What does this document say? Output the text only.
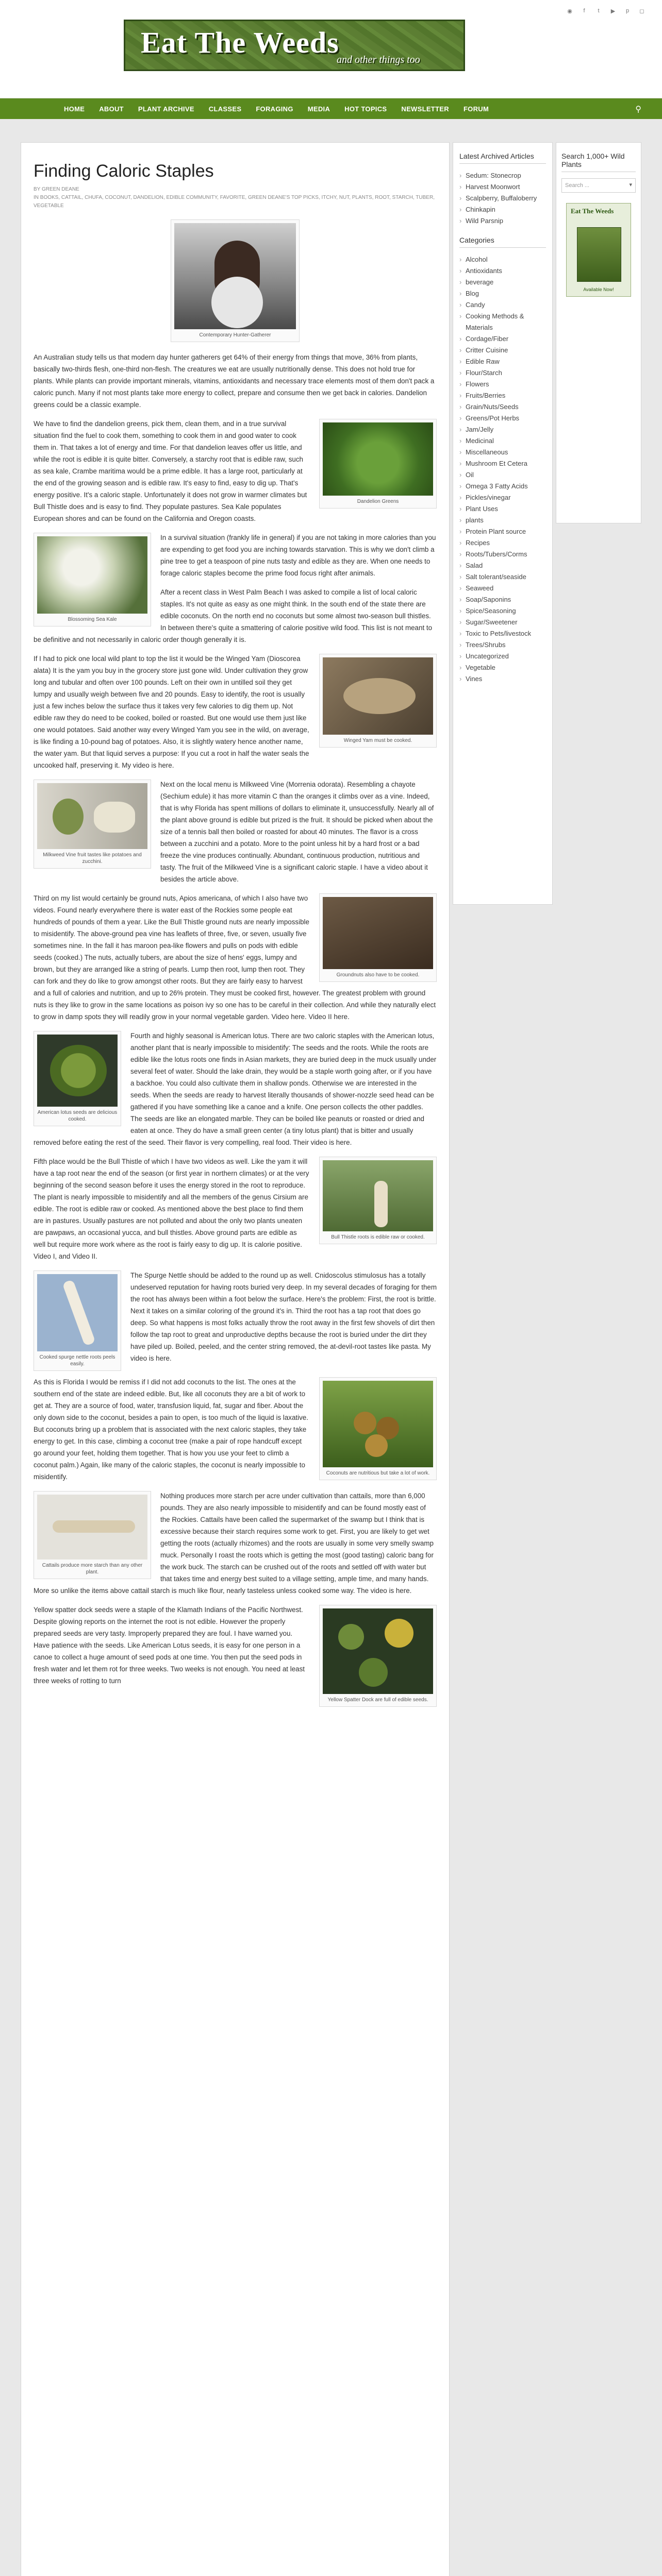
◉	f	t	▶	p	◻
Eat The Weeds
and other things too
HOME	ABOUT	PLANT ARCHIVE	CLASSES	FORAGING	MEDIA	HOT TOPICS	NEWSLETTER	FORUM	⚲
Finding Caloric Staples
BY GREEN DEANE
IN BOOKS, CATTAIL, CHUFA, COCONUT, DANDELION, EDIBLE COMMUNITY, FAVORITE, GREEN DEANE'S TOP PICKS, ITCHY, NUT, PLANTS, ROOT, STARCH, TUBER, VEGETABLE
Contemporary Hunter-Gatherer

An Australian study tells us that modern day hunter gatherers get 64% of their energy from things that move, 36% from plants, basically two-thirds flesh, one-third non-flesh. The creatures we eat are usually nutritionally dense. This does not hold true for plants. While plants can provide important minerals, vitamins, antioxidants and necessary trace elements most of them don't pack a caloric punch. Many if not most plants take more energy to collect, prepare and consume then we get back in calories. Dandelion greens could be a classic example.

Dandelion Greens

We have to find the dandelion greens, pick them, clean them, and in a true survival situation find the fuel to cook them, something to cook them in and good water to cook them in. That takes a lot of energy and time. For that dandelion leaves offer us little, and while the root is edible it is quite bitter. Conversely, a starchy root that is edible raw, such as sea kale, Crambe maritima would be a prime edible. It has a large root, particularly at the end of the growing season and is edible raw. It's easy to find, easy to dig up. That's energy positive. It's a caloric staple. Unfortunately it does not grow in warmer climates but Bull Thistle does and is easy to find. They populate pastures. Sea Kale populates European shores and can be found on the California and Oregon coasts.

Blossoming Sea Kale

In a survival situation (frankly life in general) if you are not taking in more calories than you are expending to get food you are inching towards starvation. This is why we don't climb a pine tree to get a teaspoon of pine nuts tasty and edible as they are. When one needs to forage caloric staples become the prime food focus right after animals.

After a recent class in West Palm Beach I was asked to compile a list of local caloric staples. It's not quite as easy as one might think. In the south end of the state there are edible coconuts. On the north end no coconuts but some almost two-season bull thistles. In between there's quite a smattering of calorie positive wild food. This list is not meant to be definitive and not necessarily in caloric order though generally it is.

Winged Yam must be cooked.

If I had to pick one local wild plant to top the list it would be the Winged Yam (Dioscorea alata) It is the yam you buy in the grocery store just gone wild. Under cultivation they grow long and tubular and often over 100 pounds. Left on their own in untilled soil they get lumpy and usually weigh between five and 20 pounds. Easy to identify, the root is usually just a few inches below the surface thus it takes very few calories to dig them up. Not edible raw they do need to be cooked, boiled or roasted. But one would use them just like one would potatoes. Said another way every Winged Yam you see in the wild, on average, is like finding a 10-pound bag of potatoes. Also, it is slightly watery hence another name, the water yam. But that liquid serves a purpose: If you cut a root in half the water seals the uncooked half, preserving it. My video is here.

Milkweed Vine fruit tastes like potatoes and zucchini.

Next on the local menu is Milkweed Vine (Morrenia odorata). Resembling a chayote (Sechium edule) it has more vitamin C than the oranges it climbs over as a vine. Indeed, that is why Florida has spent millions of dollars to eliminate it, unsuccessfully. Nearly all of the plant above ground is edible but prized is the fruit. It should be picked when about the size of a tennis ball then boiled or roasted for about 40 minutes. The flavor is a cross between a zucchini and a potato. More to the point unless hit by a hard frost or a bad freeze the vine produces continually. Abundant, continuous production, nutritious and tasty. The fruit of the Milkweed Vine is a significant caloric staple. I have a video about it besides the article above.

Groundnuts also have to be cooked.

Third on my list would certainly be ground nuts, Apios americana, of which I also have two videos. Found nearly everywhere there is water east of the Rockies some people eat hundreds of pounds of them a year. Like the Bull Thistle ground nuts are nearly impossible to misidentify. The above-ground pea vine has leaflets of three, five, or seven, usually five sometimes nine. In the fall it has maroon pea-like flowers and pulls on pods with edible seeds (cooked.) The nuts, actually tubers, are about the size of hens' eggs, lumpy and brown, but they are arranged like a string of pearls. Lump then root, lump then root. They can fork and they do like to grow amongst other roots. But they are fairly easy to harvest and a full of calories and nutrition, and up to 26% protein. They must be cooked first, however. The greatest problem with ground nuts is they like to grow in the same locations as poison ivy so one has to be careful in their collection. And while they naturally elect to grow in damp spots they will readily grow in your normal vegetable garden. Video here. Video II here.

American lotus seeds are delicious cooked.

Fourth and highly seasonal is American lotus. There are two caloric staples with the American lotus, another plant that is nearly impossible to misidentify: The seeds and the roots. While the roots are edible like the lotus roots one finds in Asian markets, they are buried deep in the muck usually under several feet of water. Should the lake drain, they would be a staple worth going after, or if you have a backhoe. You could also cultivate them in shallow ponds. Otherwise we are interested in the seeds. When the seeds are ready to harvest literally thousands of shower-nozzle seed head can be gathered if you have something like a canoe and a knife. One person collects the other paddles. The seeds are like an elongated marble. They can be boiled like peanuts or roasted or dried and eaten at once. They do have a small green center (a tiny lotus plant) that is bitter and usually removed before eating the rest of the seed. Their flavor is very compelling, real food. Their video is here.

Bull Thistle roots is edible raw or cooked.

Fifth place would be the Bull Thistle of which I have two videos as well. Like the yam it will have a tap root near the end of the season (or first year in northern climates) or at the very beginning of the second season before it uses the energy stored in the root to reproduce. The plant is nearly impossible to misidentify and all the members of the genus Cirsium are edible. The root is edible raw or cooked. As mentioned above the best place to find them are in pastures. Usually pastures are not polluted and about the only two plants uneaten are pawpaws, an occasional yucca, and bull thistles. Above ground parts are edible as well but require more work where as the root is fairly easy to dig up. It is calorie positive. Video I, and Video II.

Cooked spurge nettle roots peels easily.

The Spurge Nettle should be added to the round up as well. Cnidoscolus stimulosus has a totally undeserved reputation for having roots buried very deep. In my several decades of foraging for them the root has always been within a foot below the surface. Here's the problem: First, the root is brittle. Next it takes on a similar coloring of the ground it's in. Third the root has a tap root that does go deep. So what happens is most folks actually throw the root away in the first few shovels of dirt then follow the tap root to great and unproductive depths because the root is buried under the dirt they have piled up. Boiled, peeled, and the center string removed, the at-devil-root tastes like pasta. My video is here.

Coconuts are nutritious but take a lot of work.

As this is Florida I would be remiss if I did not add coconuts to the list. The ones at the southern end of the state are indeed edible. But, like all coconuts they are a bit of work to get at. They are a source of food, water, transfusion liquid, fat, sugar and fiber. About the only down side to the coconut, besides a pain to open, is too much of the liquid is laxative. But coconuts bring up a problem that is associated with the next caloric staples, they take energy to get. In this case, climbing a coconut tree (make a pair of rope handcuff except go around your feet, holding them together. That is how you use your feet to climb a coconut palm.) Again, like many of the caloric staples, the coconut is nearly impossible to misidentify.

Cattails produce more starch than any other plant.

Nothing produces more starch per acre under cultivation than cattails, more than 6,000 pounds. They are also nearly impossible to misidentify and can be found mostly east of the Rockies. Cattails have been called the supermarket of the swamp but I think that is excessive because their starch requires some work to get. First, you are likely to get wet getting the roots (actually rhizomes) and the roots are usually in some very smelly swamp muck. Personally I roast the roots which is getting the most (good tasting) caloric bang for the work buck. The starch can be crushed out of the roots and settled off with water but that takes time and energy best suited to a village setting, ample time, and many hands. More so unlike the items above cattail starch is much like flour, nearly tasteless unless cooked some way. The video is here.

Yellow Spatter Dock are full of edible seeds.

Yellow spatter dock seeds were a staple of the Klamath Indians of the Pacific Northwest. Despite glowing reports on the internet the root is not edible. However the properly prepared seeds are very tasty. Improperly prepared they are foul. I have warned you. Have patience with the seeds. Like American Lotus seeds, it is easy for one person in a canoe to collect a huge amount of seed pods at one time. You then put the seed pods in fresh water and let them rot for three weeks. Two weeks is not enough. You need at least three weeks of rotting to turn

Latest Archived Articles
› Sedum: Stonecrop
› Harvest Moonwort
› Scalpberry, Buffaloberry
› Chinkapin
› Wild Parsnip
Categories
› Alcohol
› Antioxidants
› beverage
› Blog
› Candy
› Cooking Methods & Materials
› Cordage/Fiber
› Critter Cuisine
› Edible Raw
› Flour/Starch
› Flowers
› Fruits/Berries
› Grain/Nuts/Seeds
› Greens/Pot Herbs
› Jam/Jelly
› Medicinal
› Miscellaneous
› Mushroom Et Cetera
› Oil
› Omega 3 Fatty Acids
› Pickles/vinegar
› Plant Uses
› plants
› Protein Plant source
› Recipes
› Roots/Tubers/Corms
› Salad
› Salt tolerant/seaside
› Seaweed
› Soap/Saponins
› Spice/Seasoning
› Sugar/Sweetener
› Toxic to Pets/livestock
› Trees/Shrubs
› Uncategorized
› Vegetable
› Vines
Search 1,000+ Wild Plants
Search ...	▾
Eat The Weeds
Available Now!
